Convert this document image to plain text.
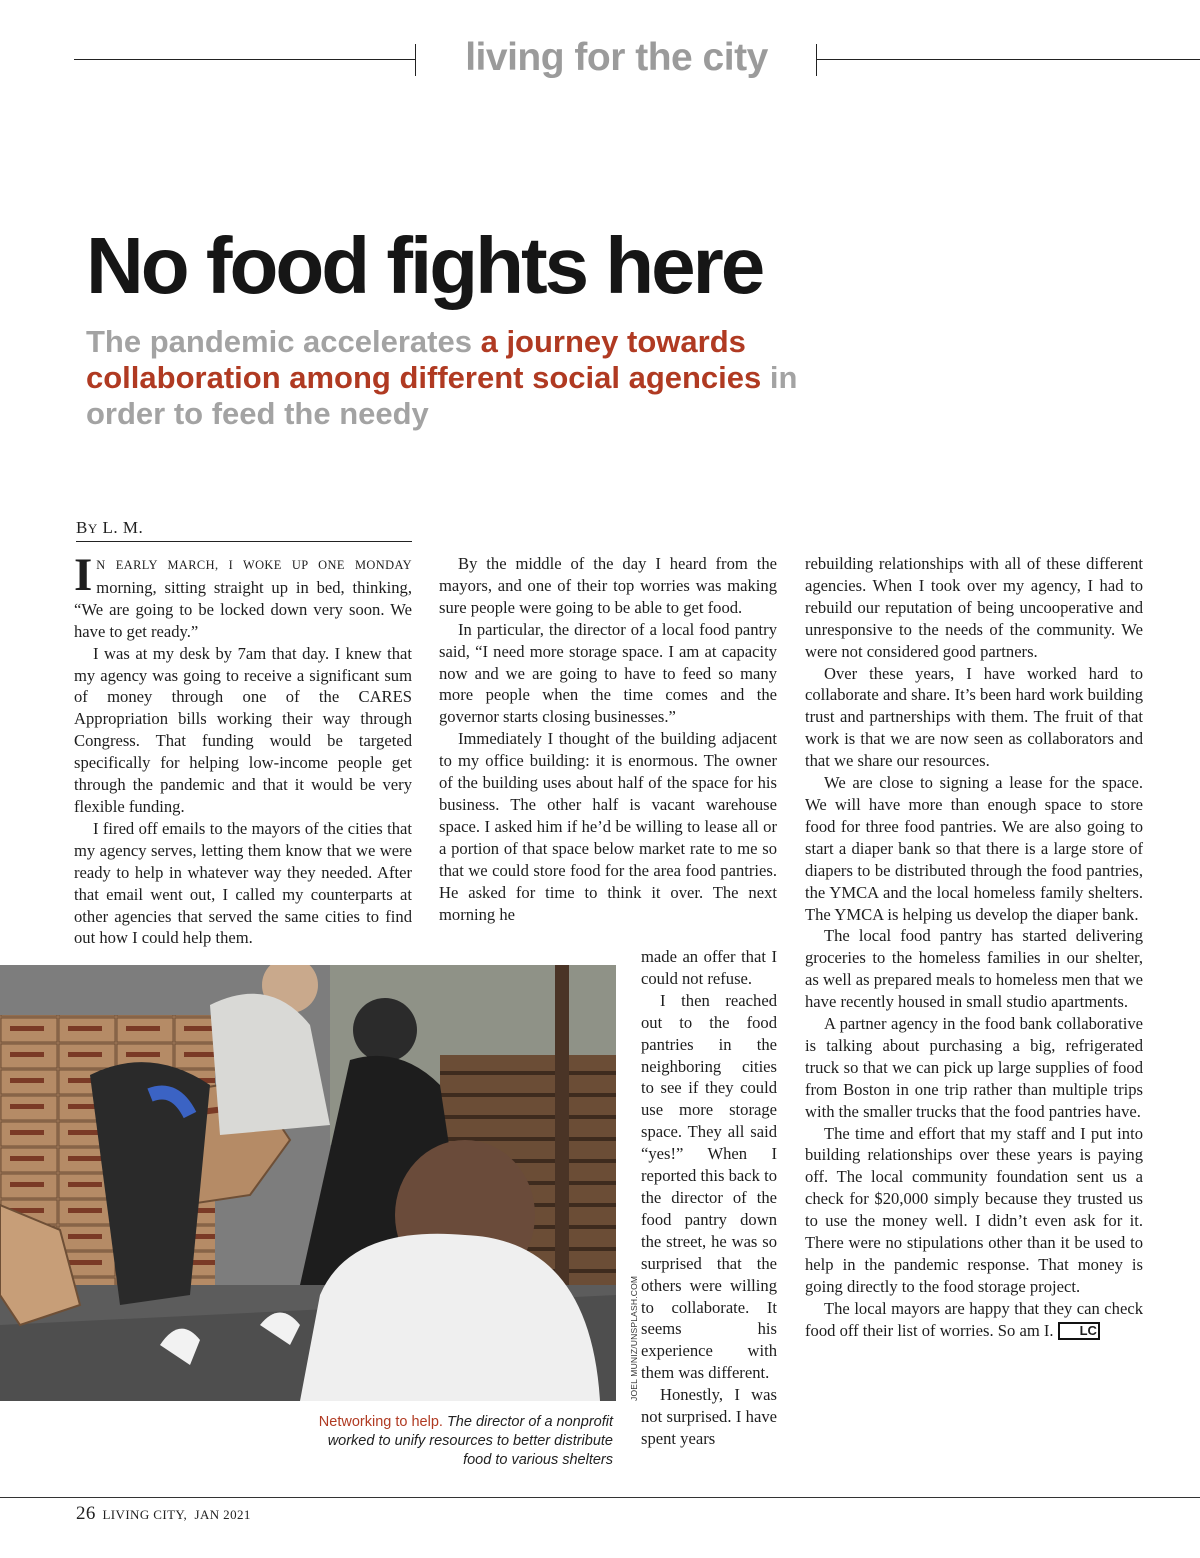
living for the city
No food fights here

The pandemic accelerates a journey towards collaboration among different social agencies in order to feed the needy

BY L. M.

I N EARLY MARCH, I WOKE UP ONE MONDAY morning, sitting straight up in bed, thinking, “We are going to be locked down very soon. We have to get ready.”

I was at my desk by 7am that day. I knew that my agency was going to receive a significant sum of money through one of the CARES Appropriation bills working their way through Congress. That funding would be targeted specifically for helping low-income people get through the pandemic and that it would be very flexible funding.

I fired off emails to the mayors of the cities that my agency serves, letting them know that we were ready to help in whatever way they needed. After that email went out, I called my counterparts at other agencies that served the same cities to find out how I could help them.

By the middle of the day I heard from the mayors, and one of their top worries was making sure people were going to be able to get food.

In particular, the director of a local food pantry said, “I need more storage space. I am at capacity now and we are going to have to feed so many more people when the time comes and the governor starts closing businesses.”

Immediately I thought of the building adjacent to my office building: it is enormous. The owner of the building uses about half of the space for his business. The other half is vacant warehouse space. I asked him if he’d be willing to lease all or a portion of that space below market rate to me so that we could store food for the area food pantries. He asked for time to think it over. The next morning he

made an offer that I could not refuse.

I then reached out to the food pantries in the neighboring cities to see if they could use more storage space. They all said “yes!” When I reported this back to the director of the food pantry down the street, he was so surprised that the others were willing to collaborate. It seems his experience with them was different.

Honestly, I was not surprised. I have spent years

rebuilding relationships with all of these different agencies. When I took over my agency, I had to rebuild our reputation of being uncooperative and unresponsive to the needs of the community. We were not considered good partners.

Over these years, I have worked hard to collaborate and share. It’s been hard work building trust and partnerships with them. The fruit of that work is that we are now seen as collaborators and that we share our resources.

We are close to signing a lease for the space. We will have more than enough space to store food for three food pantries. We are also going to start a diaper bank so that there is a large store of diapers to be distributed through the food pantries, the YMCA and the local homeless family shelters. The YMCA is helping us develop the diaper bank.

The local food pantry has started delivering groceries to the homeless families in our shelter, as well as prepared meals to homeless men that we have recently housed in small studio apartments.

A partner agency in the food bank collaborative is talking about purchasing a big, refrigerated truck so that we can pick up large supplies of food from Boston in one trip rather than multiple trips with the smaller trucks that the food pantries have.

The time and effort that my staff and I put into building relationships over these years is paying off. The local community foundation sent us a check for $20,000 simply because they trusted us to use the money well. I didn’t even ask for it. There were no stipulations other than it be used to help in the pandemic response. That money is going directly to the food storage project.

The local mayors are happy that they can check food off their list of worries. So am I. LC

JOEL MUNIZ/UNSPLASH.COM
Networking to help. The director of a nonprofit worked to unify resources to better distribute food to various shelters
26 LIVING CITY, JAN 2021
